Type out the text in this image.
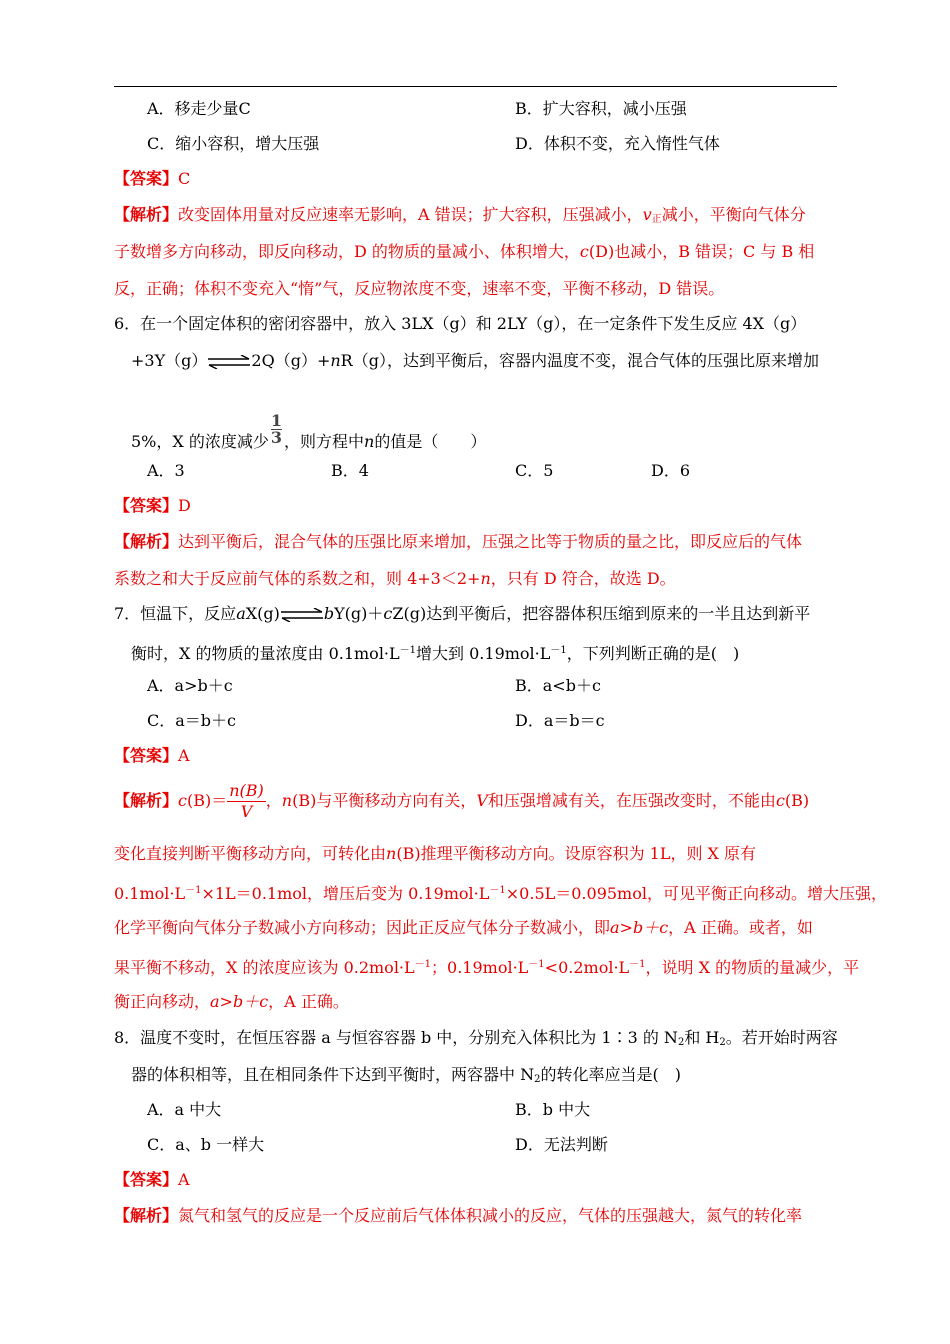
A．移走少量C	B．扩大容积，减小压强
C．缩小容积，增大压强	D．体积不变，充入惰性气体
【答案】C
【解析】改变固体用量对反应速率无影响，A 错误；扩大容积，压强减小，$v_正$减小，平衡向气体分
子数增多方向移动，即反向移动，D 的物质的量减小、体积增大，c(D)也减小，B 错误；C 与 B 相
反，正确；体积不变充入“惰”气，反应物浓度不变，速率不变，平衡不移动，D 错误。
6．在一个固定体积的密闭容器中，放入 3LX（g）和 2LY（g），在一定条件下发生反应 4X（g）
+3Y（g）⇌2Q（g）+nR（g），达到平衡后，容器内温度不变，混合气体的压强比原来增加
5%，X 的浓度减少 $\frac{1}{3}$ ，则方程中n的值是（　　）
A．3	B．4	C．5	D．6
【答案】D
【解析】达到平衡后，混合气体的压强比原来增加，压强之比等于物质的量之比，即反应后的气体
系数之和大于反应前气体的系数之和，则 4+3＜2+n，只有 D 符合，故选 D。
7．恒温下，反应aX(g)⇌bY(g)＋cZ(g)达到平衡后，把容器体积压缩到原来的一半且达到新平
衡时，X 的物质的量浓度由 $0.1mol\cdot L^{-1}$增大到 $0.19mol\cdot L^{-1}$，下列判断正确的是(　)
A．a>b＋c	B．a<b＋c
C．a＝b＋c	D．a＝b＝c
【答案】A
【解析】$c(B)= \frac{n(B)}{V}$ ，n(B)与平衡移动方向有关，V和压强增减有关，在压强改变时，不能由c(B)
变化直接判断平衡移动方向，可转化由n(B)推理平衡移动方向。设原容积为 1L，则 X 原有
$0.1mol\cdot L^{-1}\times 1L=0.1mol$，增压后变为 $0.19mol\cdot L^{-1}\times 0.5L=0.095mol$，可见平衡正向移动。增大压强，
化学平衡向气体分子数减小方向移动；因此正反应气体分子数减小，即a>b＋c，A 正确。或者，如
果平衡不移动，X 的浓度应该为 $0.2mol\cdot L^{-1}$；$0.19mol\cdot L^{-1}<0.2mol\cdot L^{-1}$，说明 X 的物质的量减少，平
衡正向移动，a>b＋c，A 正确。
8．温度不变时，在恒压容器 a 与恒容容器 b 中，分别充入体积比为 1∶3 的 $N_2$和 $H_2$。若开始时两容
器的体积相等，且在相同条件下达到平衡时，两容器中 $N_2$的转化率应当是(　)
A．a 中大	B．b 中大
C．a、b 一样大	D．无法判断
【答案】A
【解析】氮气和氢气的反应是一个反应前后气体体积减小的反应，气体的压强越大，氮气的转化率
